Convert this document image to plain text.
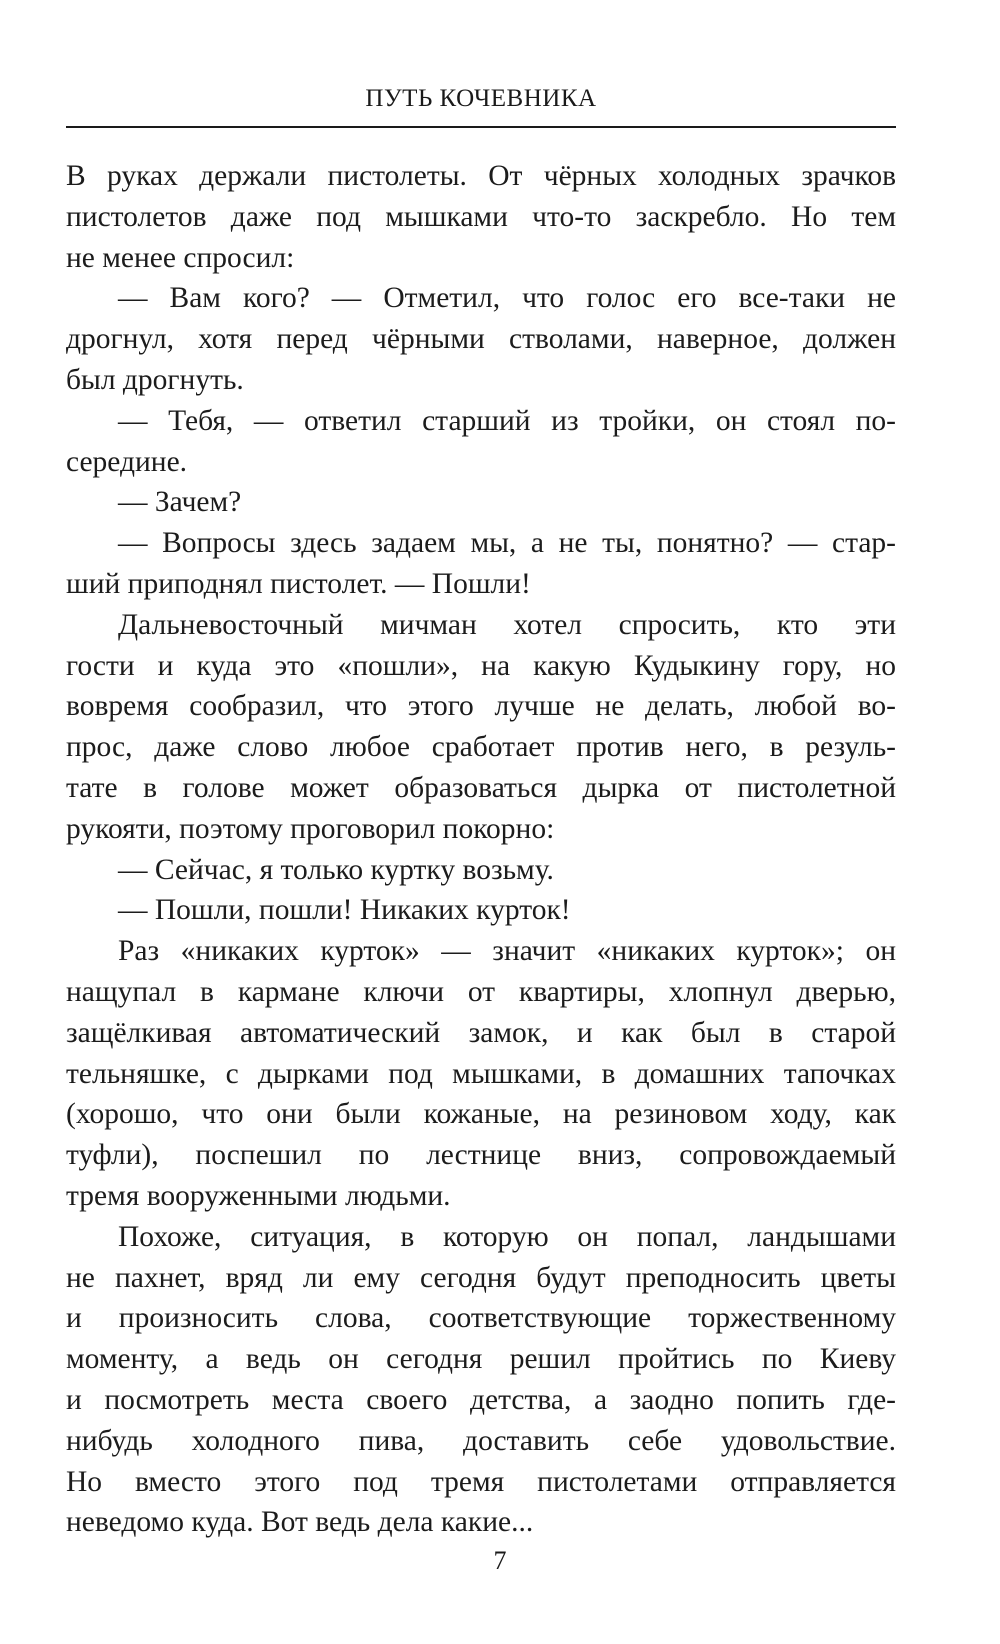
ПУТЬ КОЧЕВНИКА
В руках держали пистолеты. От чёрных холодных зрачков
пистолетов даже под мышками что-то заскребло. Но тем
не менее спросил:
— Вам кого? — Отметил, что голос его все-таки не
дрогнул, хотя перед чёрными стволами, наверное, должен
был дрогнуть.
— Тебя, — ответил старший из тройки, он стоял по-
середине.
— Зачем?
— Вопросы здесь задаем мы, а не ты, понятно? — стар-
ший приподнял пистолет. — Пошли!
Дальневосточный мичман хотел спросить, кто эти
гости и куда это «пошли», на какую Кудыкину гору, но
вовремя сообразил, что этого лучше не делать, любой во-
прос, даже слово любое сработает против него, в резуль-
тате в голове может образоваться дырка от пистолетной
рукояти, поэтому проговорил покорно:
— Сейчас, я только куртку возьму.
— Пошли, пошли! Никаких курток!
Раз «никаких курток» — значит «никаких курток»; он
нащупал в кармане ключи от квартиры, хлопнул дверью,
защёлкивая автоматический замок, и как был в старой
тельняшке, с дырками под мышками, в домашних тапочках
(хорошо, что они были кожаные, на резиновом ходу, как
туфли), поспешил по лестнице вниз, сопровождаемый
тремя вооруженными людьми.
Похоже, ситуация, в которую он попал, ландышами
не пахнет, вряд ли ему сегодня будут преподносить цветы
и произносить слова, соответствующие торжественному
моменту, а ведь он сегодня решил пройтись по Киеву
и посмотреть места своего детства, а заодно попить где-
нибудь холодного пива, доставить себе удовольствие.
Но вместо этого под тремя пистолетами отправляется
неведомо куда. Вот ведь дела какие...
7
